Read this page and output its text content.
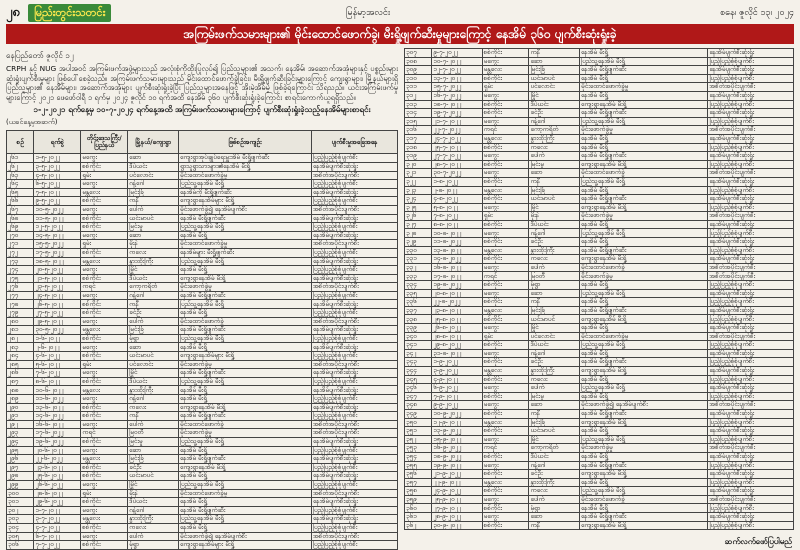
၂၈	မြည်းတွင်းသတင်း	မြန်မာ့အလင်း	စနေ၊ ဇူလိုင် ၁၃၊ ၂၀၂၄
အကြမ်းဖက်သမားများ၏ မိုင်းထောင်ဖောက်ခွဲ၊ မီးရှို့ဖျက်ဆီးမှုများကြောင့် နေအိမ် ၃၆၀ ပျက်စီးဆုံးရှုံးခဲ့
နေပြည်တော် ဇူလိုင် ၁၂
CRPH နှင့် NUG အပါအဝင် အကြမ်းဖက်အဖွဲ့များသည် အလုံးစုံကိုထိုးပြုလုပ်၍ ပြည်သူများ၏ အသက်၊ နေအိမ်၊ အဆောက်အအုံများနှင့် ပစ္စည်းများ ဆုံးရှုံးပျက်စီးမှုများ ဖြစ်ပေါ်စေခဲ့သည်။ အကြမ်းဖက်သမားများသည် မိုင်းထောင်ဖောက်ခွဲခြင်း၊ မီးရှို့ဖျက်ဆီးခြင်းများကြောင့် ကျေးရွာများ၊ မြို့နယ်များရှိ ပြည်သူများ၏ နေအိမ်များ၊ အဆောက်အအုံများ ပျက်စီးဆုံးရှုံးခဲ့ပြီး ပြည်သူများအနေဖြင့် အိုးမဲ့အိမ်မဲ့ ဖြစ်ခဲ့ရကြောင်း သိရသည်။ ယင်းအကြမ်းဖက်မှုများကြောင့် ၂၀၂၁ ဖေဖော်ဝါရီ ၁ ရက်မှ ၂၀၂၄ ဇူလိုင် ၁၀ ရက်အထိ နေအိမ် ၃၆၀ ပျက်စီးဆုံးရှုံးခဲ့ကြောင်း စာရင်းကောက်ယူရရှိသည်။
၁-၂-၂၀၂၁ ရက်နေ့မှ ၁၀-၇-၂၀၂၄ ရက်နေ့အထိ အကြမ်းဖက်သမားများကြောင့် ပျက်စီးဆုံးရှုံးခဲ့သည့်နေအိမ်များစာရင်း
(ယခင်နေ့မှအဆက်)
စဉ်	ရက်စွဲ	တိုင်းဒေသကြီး/ပြည်နယ်	မြို့နယ်/ကျေးရွာ	ဖြစ်စဉ်အကျဉ်း	ပျက်စီးမှုအခြေအနေ
၂၆၁	၁-၅-၂၀၂၂	မကွေး	ဆော	ကျေးရွာအုပ်ချုပ်ရေးမှူးအိမ် မီးရှို့ဖျက်ဆီး	ပြည့်ပြည့်စုံစုံပျက်စီး
၂၆၂	၃-၅-၂၀၂၂	စစ်ကိုင်း	ဒီပဲယင်း	ရွာသူရွာသားများ၏နေအိမ် မီးရှို့	နေအိမ်ပျက်စီးဆုံးရှုံး
၂၆၃	၄-၅-၂၀၂၂	ရှမ်း	ပင်လောင်း	မိုင်းထောင်ဖောက်ခွဲမှု	အစိတ်အပိုင်းပျက်စီး
၂၆၄	၆-၅-၂၀၂၂	မကွေး	ဂန့်ဂေါ	ပြည်သူ့နေအိမ် မီးရှို့	ပြည့်ပြည့်စုံစုံပျက်စီး
၂၆၅	၇-၅-၂၀၂၂	မန္တလေး	မြင်းခြံ	နေအိမ်ကို မီးရှို့ဖျက်ဆီး	နေအိမ်ပျက်စီးဆုံးရှုံး
၂၆၆	၉-၅-၂၀၂၂	စစ်ကိုင်း	ကနီ	ကျေးရွာနေအိမ်များ မီးရှို့	ပြည့်ပြည့်စုံစုံပျက်စီး
၂၆၇	၁၀-၅-၂၀၂၂	မကွေး	ပေါက်	မိုင်းဖောက်ခွဲ၍ နေအိမ်ပျက်စီး	အစိတ်အပိုင်းပျက်စီး
၂၆၈	၁၁-၅-၂၀၂၂	စစ်ကိုင်း	ယင်းမာပင်	နေအိမ် မီးရှို့ဖျက်ဆီး	နေအိမ်ပျက်စီးဆုံးရှုံး
၂၆၉	၁၂-၅-၂၀၂၂	စစ်ကိုင်း	မြင်းမူ	ပြည်သူ့နေအိမ် မီးရှို့	ပြည့်ပြည့်စုံစုံပျက်စီး
၂၇၀	၁၄-၅-၂၀၂၂	မကွေး	ဆော	နေအိမ် မီးရှို့	နေအိမ်ပျက်စီးဆုံးရှုံး
၂၇၁	၁၅-၅-၂၀၂၂	ရှမ်း	မိုးနဲ	မိုင်းထောင်ဖောက်ခွဲမှု	အစိတ်အပိုင်းပျက်စီး
၂၇၂	၁၇-၅-၂၀၂၂	စစ်ကိုင်း	ကလေး	နေအိမ်များ မီးရှို့ဖျက်ဆီး	ပြည့်ပြည့်စုံစုံပျက်စီး
၂၇၃	၁၈-၅-၂၀၂၂	မန္တလေး	နွားထိုးကြီး	ပြည်သူ့နေအိမ် မီးရှို့	နေအိမ်ပျက်စီးဆုံးရှုံး
၂၇၄	၂၀-၅-၂၀၂၂	မကွေး	မြိုင်	နေအိမ် မီးရှို့	ပြည့်ပြည့်စုံစုံပျက်စီး
၂၇၅	၂၁-၅-၂၀၂၂	စစ်ကိုင်း	ဒီပဲယင်း	ကျေးရွာနေအိမ် မီးရှို့	နေအိမ်ပျက်စီးဆုံးရှုံး
၂၇၆	၂၃-၅-၂၀၂၂	ကရင်	ကော့ကရိတ်	မိုင်းဖောက်ခွဲမှု	အစိတ်အပိုင်းပျက်စီး
၂၇၇	၂၄-၅-၂၀၂၂	မကွေး	ဂန့်ဂေါ	နေအိမ် မီးရှို့ဖျက်ဆီး	ပြည့်ပြည့်စုံစုံပျက်စီး
၂၇၈	၂၆-၅-၂၀၂၂	စစ်ကိုင်း	ကနီ	ပြည်သူ့နေအိမ် မီးရှို့	နေအိမ်ပျက်စီးဆုံးရှုံး
၂၇၉	၂၇-၅-၂၀၂၂	စစ်ကိုင်း	ခင်ဦး	နေအိမ် မီးရှို့	ပြည့်ပြည့်စုံစုံပျက်စီး
၂၈၀	၂၉-၅-၂၀၂၂	မကွေး	ပေါက်	မိုင်းထောင်ဖောက်ခွဲ	အစိတ်အပိုင်းပျက်စီး
၂၈၁	၃၀-၅-၂၀၂၂	မန္တလေး	မြင်းခြံ	နေအိမ် မီးရှို့ဖျက်ဆီး	နေအိမ်ပျက်စီးဆုံးရှုံး
၂၈၂	၁-၆-၂၀၂၂	စစ်ကိုင်း	မုံရွာ	ပြည်သူ့နေအိမ် မီးရှို့	ပြည့်ပြည့်စုံစုံပျက်စီး
၂၈၃	၂-၆-၂၀၂၂	မကွေး	ဆော	နေအိမ် မီးရှို့	နေအိမ်ပျက်စီးဆုံးရှုံး
၂၈၄	၄-၆-၂၀၂၂	စစ်ကိုင်း	ယင်းမာပင်	ကျေးရွာနေအိမ်များ မီးရှို့	ပြည့်ပြည့်စုံစုံပျက်စီး
၂၈၅	၅-၆-၂၀၂၂	ရှမ်း	ပင်လောင်း	မိုင်းဖောက်ခွဲမှု	အစိတ်အပိုင်းပျက်စီး
၂၈၆	၇-၆-၂၀၂၂	မကွေး	မြိုင်	နေအိမ် မီးရှို့ဖျက်ဆီး	နေအိမ်ပျက်စီးဆုံးရှုံး
၂၈၇	၈-၆-၂၀၂၂	စစ်ကိုင်း	ဒီပဲယင်း	ပြည်သူ့နေအိမ် မီးရှို့	ပြည့်ပြည့်စုံစုံပျက်စီး
၂၈၈	၁၀-၆-၂၀၂၂	မန္တလေး	နွားထိုးကြီး	နေအိမ် မီးရှို့	နေအိမ်ပျက်စီးဆုံးရှုံး
၂၈၉	၁၁-၆-၂၀၂၂	မကွေး	ဂန့်ဂေါ	နေအိမ် မီးရှို့	ပြည့်ပြည့်စုံစုံပျက်စီး
၂၉၀	၁၃-၆-၂၀၂၂	စစ်ကိုင်း	ကလေး	ကျေးရွာနေအိမ် မီးရှို့	နေအိမ်ပျက်စီးဆုံးရှုံး
၂၉၁	၁၄-၆-၂၀၂၂	စစ်ကိုင်း	ကနီ	နေအိမ် မီးရှို့ဖျက်ဆီး	ပြည့်ပြည့်စုံစုံပျက်စီး
၂၉၂	၁၆-၆-၂၀၂၂	မကွေး	ပေါက်	မိုင်းထောင်ဖောက်ခွဲ	အစိတ်အပိုင်းပျက်စီး
၂၉၃	၁၇-၆-၂၀၂၂	ကရင်	မြဝတီ	မိုင်းဖောက်ခွဲမှု	အစိတ်အပိုင်းပျက်စီး
၂၉၄	၁၉-၆-၂၀၂၂	စစ်ကိုင်း	မြင်းမူ	ပြည်သူ့နေအိမ် မီးရှို့	နေအိမ်ပျက်စီးဆုံးရှုံး
၂၉၅	၂၀-၆-၂၀၂၂	မကွေး	ဆော	နေအိမ် မီးရှို့	ပြည့်ပြည့်စုံစုံပျက်စီး
၂၉၆	၂၂-၆-၂၀၂၂	မန္တလေး	မြင်းခြံ	နေအိမ် မီးရှို့ဖျက်ဆီး	နေအိမ်ပျက်စီးဆုံးရှုံး
၂၉၇	၂၃-၆-၂၀၂၂	စစ်ကိုင်း	ခင်ဦး	ကျေးရွာနေအိမ် မီးရှို့	ပြည့်ပြည့်စုံစုံပျက်စီး
၂၉၈	၂၅-၆-၂၀၂၂	စစ်ကိုင်း	ယင်းမာပင်	နေအိမ် မီးရှို့	နေအိမ်ပျက်စီးဆုံးရှုံး
၂၉၉	၂၆-၆-၂၀၂၂	မကွေး	မြိုင်	ပြည်သူ့နေအိမ် မီးရှို့	ပြည့်ပြည့်စုံစုံပျက်စီး
၃၀၀	၂၈-၆-၂၀၂၂	ရှမ်း	မိုးနဲ	မိုင်းထောင်ဖောက်ခွဲမှု	အစိတ်အပိုင်းပျက်စီး
၃၀၁	၂၉-၆-၂၀၂၂	စစ်ကိုင်း	ဒီပဲယင်း	နေအိမ် မီးရှို့	နေအိမ်ပျက်စီးဆုံးရှုံး
၃၀၂	၁-၇-၂၀၂၂	မကွေး	ဂန့်ဂေါ	နေအိမ် မီးရှို့ဖျက်ဆီး	ပြည့်ပြည့်စုံစုံပျက်စီး
၃၀၃	၃-၇-၂၀၂၂	မန္တလေး	နွားထိုးကြီး	ပြည်သူ့နေအိမ် မီးရှို့	နေအိမ်ပျက်စီးဆုံးရှုံး
၃၀၄	၄-၇-၂၀၂၂	စစ်ကိုင်း	ကလေး	နေအိမ် မီးရှို့	ပြည့်ပြည့်စုံစုံပျက်စီး
၃၀၅	၆-၇-၂၀၂၂	မကွေး	ပေါက်	မိုင်းဖောက်ခွဲ၍ နေအိမ်ပျက်စီး	အစိတ်အပိုင်းပျက်စီး
၃၀၆	၇-၇-၂၀၂၂	စစ်ကိုင်း	မုံရွာ	ကျေးရွာနေအိမ်များ မီးရှို့	ပြည့်ပြည့်စုံစုံပျက်စီး
၃၀၇	၉-၇-၂၀၂၂	စစ်ကိုင်း	ကနီ	နေအိမ် မီးရှို့	နေအိမ်ပျက်စီးဆုံးရှုံး
၃၀၈	၁၀-၇-၂၀၂၂	မကွေး	ဆော	ပြည်သူ့နေအိမ် မီးရှို့	ပြည့်ပြည့်စုံစုံပျက်စီး
၃၀၉	၁၂-၇-၂၀၂၂	မန္တလေး	မြင်းခြံ	နေအိမ် မီးရှို့ဖျက်ဆီး	နေအိမ်ပျက်စီးဆုံးရှုံး
၃၁၀	၁၃-၇-၂၀၂၂	စစ်ကိုင်း	ယင်းမာပင်	နေအိမ် မီးရှို့	ပြည့်ပြည့်စုံစုံပျက်စီး
၃၁၁	၁၅-၇-၂၀၂၂	ရှမ်း	ပင်လောင်း	မိုင်းထောင်ဖောက်ခွဲမှု	အစိတ်အပိုင်းပျက်စီး
၃၁၂	၁၆-၇-၂၀၂၂	မကွေး	မြိုင်	နေအိမ် မီးရှို့	နေအိမ်ပျက်စီးဆုံးရှုံး
၃၁၃	၁၈-၇-၂၀၂၂	စစ်ကိုင်း	ဒီပဲယင်း	ကျေးရွာနေအိမ် မီးရှို့	ပြည့်ပြည့်စုံစုံပျက်စီး
၃၁၄	၁၉-၇-၂၀၂၂	စစ်ကိုင်း	ခင်ဦး	နေအိမ် မီးရှို့ဖျက်ဆီး	နေအိမ်ပျက်စီးဆုံးရှုံး
၃၁၅	၂၁-၇-၂၀၂၂	မကွေး	ဂန့်ဂေါ	ပြည်သူ့နေအိမ် မီးရှို့	ပြည့်ပြည့်စုံစုံပျက်စီး
၃၁၆	၂၂-၇-၂၀၂၂	ကရင်	ကော့ကရိတ်	မိုင်းဖောက်ခွဲမှု	အစိတ်အပိုင်းပျက်စီး
၃၁၇	၂၄-၇-၂၀၂၂	မန္တလေး	နွားထိုးကြီး	နေအိမ် မီးရှို့	နေအိမ်ပျက်စီးဆုံးရှုံး
၃၁၈	၂၅-၇-၂၀၂၂	စစ်ကိုင်း	ကလေး	နေအိမ် မီးရှို့	ပြည့်ပြည့်စုံစုံပျက်စီး
၃၁၉	၂၇-၇-၂၀၂၂	မကွေး	ပေါက်	နေအိမ် မီးရှို့ဖျက်ဆီး	နေအိမ်ပျက်စီးဆုံးရှုံး
၃၂၀	၂၈-၇-၂၀၂၂	စစ်ကိုင်း	မြင်းမူ	ကျေးရွာနေအိမ် မီးရှို့	ပြည့်ပြည့်စုံစုံပျက်စီး
၃၂၁	၃၀-၇-၂၀၂၂	မကွေး	ဆော	မိုင်းထောင်ဖောက်ခွဲ	အစိတ်အပိုင်းပျက်စီး
၃၂၂	၁-၈-၂၀၂၂	စစ်ကိုင်း	ကနီ	ပြည်သူ့နေအိမ် မီးရှို့	နေအိမ်ပျက်စီးဆုံးရှုံး
၃၂၃	၂-၈-၂၀၂၂	မန္တလေး	မြင်းခြံ	နေအိမ် မီးရှို့	ပြည့်ပြည့်စုံစုံပျက်စီး
၃၂၄	၄-၈-၂၀၂၂	စစ်ကိုင်း	ယင်းမာပင်	နေအိမ် မီးရှို့ဖျက်ဆီး	နေအိမ်ပျက်စီးဆုံးရှုံး
၃၂၅	၅-၈-၂၀၂၂	မကွေး	မြိုင်	ကျေးရွာနေအိမ် မီးရှို့	ပြည့်ပြည့်စုံစုံပျက်စီး
၃၂၆	၇-၈-၂၀၂၂	ရှမ်း	မိုးနဲ	မိုင်းဖောက်ခွဲမှု	အစိတ်အပိုင်းပျက်စီး
၃၂၇	၈-၈-၂၀၂၂	စစ်ကိုင်း	ဒီပဲယင်း	နေအိမ် မီးရှို့	နေအိမ်ပျက်စီးဆုံးရှုံး
၃၂၈	၁၀-၈-၂၀၂၂	မကွေး	ဂန့်ဂေါ	ပြည်သူ့နေအိမ် မီးရှို့	ပြည့်ပြည့်စုံစုံပျက်စီး
၃၂၉	၁၁-၈-၂၀၂၂	စစ်ကိုင်း	ခင်ဦး	နေအိမ် မီးရှို့	နေအိမ်ပျက်စီးဆုံးရှုံး
၃၃၀	၁၃-၈-၂၀၂၂	မန္တလေး	နွားထိုးကြီး	နေအိမ် မီးရှို့ဖျက်ဆီး	ပြည့်ပြည့်စုံစုံပျက်စီး
၃၃၁	၁၄-၈-၂၀၂၂	စစ်ကိုင်း	ကလေး	ကျေးရွာနေအိမ် မီးရှို့	နေအိမ်ပျက်စီးဆုံးရှုံး
၃၃၂	၁၆-၈-၂၀၂၂	မကွေး	ပေါက်	မိုင်းထောင်ဖောက်ခွဲ	အစိတ်အပိုင်းပျက်စီး
၃၃၃	၁၇-၈-၂၀၂၂	ကရင်	မြဝတီ	မိုင်းဖောက်ခွဲမှု	အစိတ်အပိုင်းပျက်စီး
၃၃၄	၁၉-၈-၂၀၂၂	စစ်ကိုင်း	မုံရွာ	နေအိမ် မီးရှို့	ပြည့်ပြည့်စုံစုံပျက်စီး
၃၃၅	၂၀-၈-၂၀၂၂	မကွေး	ဆော	ပြည်သူ့နေအိမ် မီးရှို့	နေအိမ်ပျက်စီးဆုံးရှုံး
၃၃၆	၂၂-၈-၂၀၂၂	စစ်ကိုင်း	ကနီ	နေအိမ် မီးရှို့	ပြည့်ပြည့်စုံစုံပျက်စီး
၃၃၇	၂၃-၈-၂၀၂၂	မန္တလေး	မြင်းခြံ	နေအိမ် မီးရှို့ဖျက်ဆီး	နေအိမ်ပျက်စီးဆုံးရှုံး
၃၃၈	၂၅-၈-၂၀၂၂	စစ်ကိုင်း	ယင်းမာပင်	ကျေးရွာနေအိမ် မီးရှို့	ပြည့်ပြည့်စုံစုံပျက်စီး
၃၃၉	၂၆-၈-၂၀၂၂	မကွေး	မြိုင်	နေအိမ် မီးရှို့	နေအိမ်ပျက်စီးဆုံးရှုံး
၃၄၀	၂၈-၈-၂၀၂၂	ရှမ်း	ပင်လောင်း	မိုင်းထောင်ဖောက်ခွဲမှု	အစိတ်အပိုင်းပျက်စီး
၃၄၁	၂၉-၈-၂၀၂၂	စစ်ကိုင်း	ဒီပဲယင်း	ပြည်သူ့နေအိမ် မီးရှို့	ပြည့်ပြည့်စုံစုံပျက်စီး
၃၄၂	၃၁-၈-၂၀၂၂	မကွေး	ဂန့်ဂေါ	နေအိမ် မီးရှို့	နေအိမ်ပျက်စီးဆုံးရှုံး
၃၄၃	၁-၉-၂၀၂၂	စစ်ကိုင်း	ခင်ဦး	နေအိမ် မီးရှို့ဖျက်ဆီး	ပြည့်ပြည့်စုံစုံပျက်စီး
၃၄၄	၃-၉-၂၀၂၂	မန္တလေး	နွားထိုးကြီး	ကျေးရွာနေအိမ် မီးရှို့	နေအိမ်ပျက်စီးဆုံးရှုံး
၃၄၅	၄-၉-၂၀၂၂	စစ်ကိုင်း	ကလေး	နေအိမ် မီးရှို့	ပြည့်ပြည့်စုံစုံပျက်စီး
၃၄၆	၆-၉-၂၀၂၂	မကွေး	ပေါက်	ပြည်သူ့နေအိမ် မီးရှို့	နေအိမ်ပျက်စီးဆုံးရှုံး
၃၄၇	၇-၉-၂၀၂၂	စစ်ကိုင်း	မြင်းမူ	နေအိမ် မီးရှို့	ပြည့်ပြည့်စုံစုံပျက်စီး
၃၄၈	၉-၉-၂၀၂၂	မကွေး	ဆော	မိုင်းဖောက်ခွဲ၍ နေအိမ်ပျက်စီး	အစိတ်အပိုင်းပျက်စီး
၃၄၉	၁၀-၉-၂၀၂၂	စစ်ကိုင်း	ကနီ	နေအိမ် မီးရှို့ဖျက်ဆီး	နေအိမ်ပျက်စီးဆုံးရှုံး
၃၅၀	၁၂-၉-၂၀၂၂	မန္တလေး	မြင်းခြံ	ကျေးရွာနေအိမ် မီးရှို့	ပြည့်ပြည့်စုံစုံပျက်စီး
၃၅၁	၁၃-၉-၂၀၂၂	စစ်ကိုင်း	ယင်းမာပင်	နေအိမ် မီးရှို့	နေအိမ်ပျက်စီးဆုံးရှုံး
၃၅၂	၁၅-၉-၂၀၂၂	မကွေး	မြိုင်	ပြည်သူ့နေအိမ် မီးရှို့	ပြည့်ပြည့်စုံစုံပျက်စီး
၃၅၃	၁၆-၉-၂၀၂၂	ကရင်	ကော့ကရိတ်	မိုင်းဖောက်ခွဲမှု	အစိတ်အပိုင်းပျက်စီး
၃၅၄	၁၈-၉-၂၀၂၂	စစ်ကိုင်း	ဒီပဲယင်း	နေအိမ် မီးရှို့	နေအိမ်ပျက်စီးဆုံးရှုံး
၃၅၅	၁၉-၉-၂၀၂၂	မကွေး	ဂန့်ဂေါ	နေအိမ် မီးရှို့ဖျက်ဆီး	ပြည့်ပြည့်စုံစုံပျက်စီး
၃၅၆	၂၁-၉-၂၀၂၂	စစ်ကိုင်း	ခင်ဦး	ကျေးရွာနေအိမ် မီးရှို့	နေအိမ်ပျက်စီးဆုံးရှုံး
၃၅၇	၂၂-၉-၂၀၂၂	မန္တလေး	နွားထိုးကြီး	နေအိမ် မီးရှို့	ပြည့်ပြည့်စုံစုံပျက်စီး
၃၅၈	၂၄-၉-၂၀၂၂	စစ်ကိုင်း	ကလေး	ပြည်သူ့နေအိမ် မီးရှို့	နေအိမ်ပျက်စီးဆုံးရှုံး
၃၅၉	၂၅-၉-၂၀၂၂	မကွေး	ပေါက်	မိုင်းထောင်ဖောက်ခွဲ	အစိတ်အပိုင်းပျက်စီး
၃၆၀	၂၇-၉-၂၀၂၂	စစ်ကိုင်း	မုံရွာ	နေအိမ် မီးရှို့	ပြည့်ပြည့်စုံစုံပျက်စီး
၃၆၁	၂၈-၉-၂၀၂၂	မကွေး	ဆော	နေအိမ် မီးရှို့ဖျက်ဆီး	နေအိမ်ပျက်စီးဆုံးရှုံး
၃၆၂	၃၀-၉-၂၀၂၂	စစ်ကိုင်း	ကနီ	ကျေးရွာနေအိမ် မီးရှို့	ပြည့်ပြည့်စုံစုံပျက်စီး
ဆက်လက်ဖော်ပြပါမည်
